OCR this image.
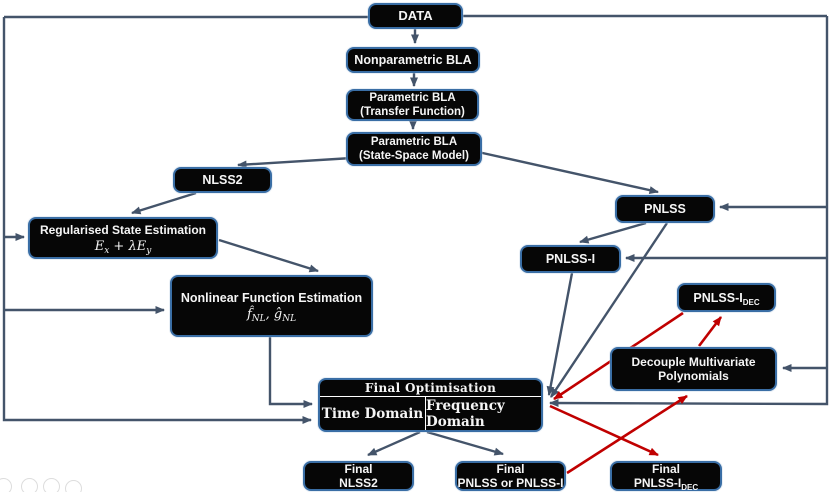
DATA
Nonparametric BLA
Parametric BLA
(Transfer Function)
Parametric BLA
(State-Space Model)
NLSS2
Regularised State Estimation
$E_x + \lambda E_y$
Nonlinear Function Estimation
$f̂_{NL}$, $ĝ_{NL}$
PNLSS
PNLSS-I
PNLSS-$I_{DEC}$
Decouple Multivariate
Polynomials
Final
NLSS2
Final
PNLSS or PNLSS-I
Final
PNLSS-$I_{DEC}$
Final Optimisation
Time Domain Frequency Domain
